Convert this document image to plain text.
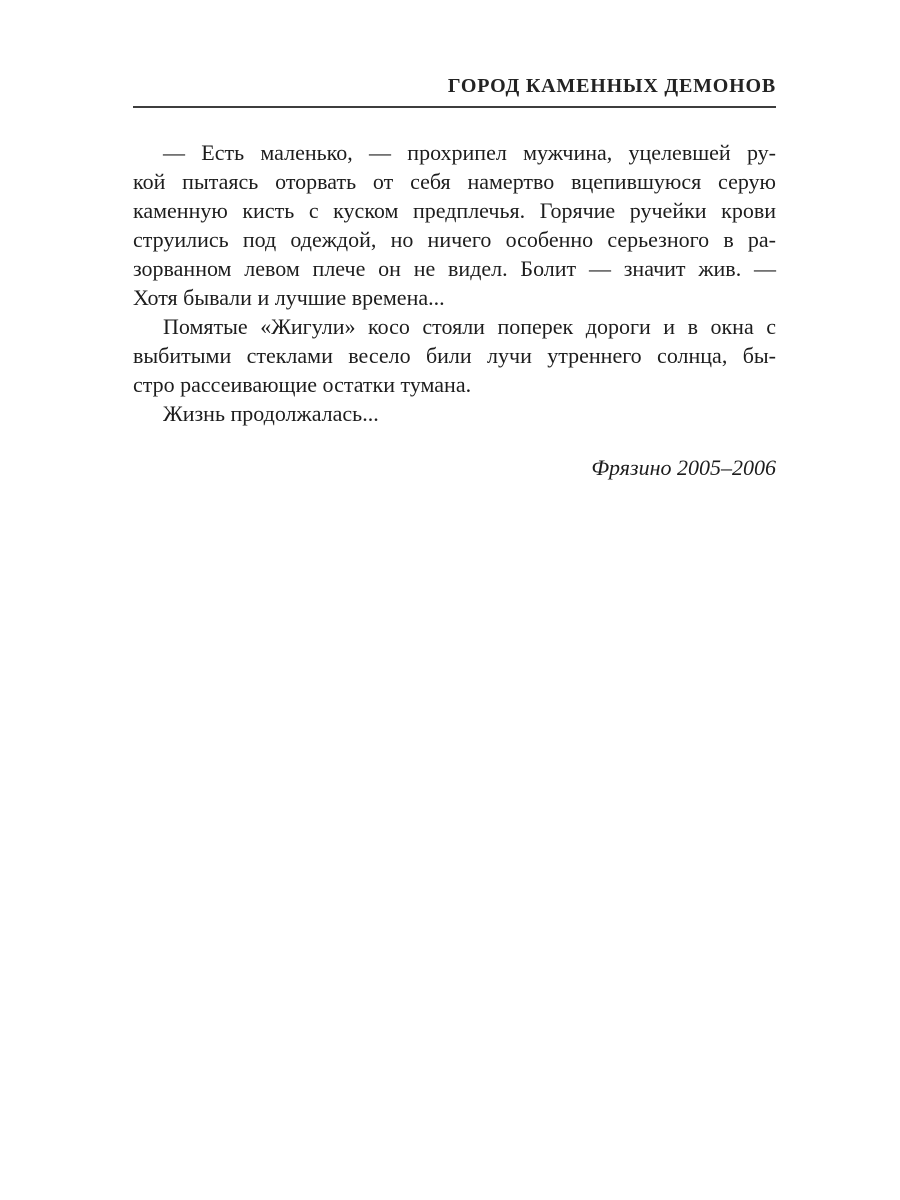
ГОРОД КАМЕННЫХ ДЕМОНОВ
— Есть маленько, — прохрипел мужчина, уцелевшей ру-
кой пытаясь оторвать от себя намертво вцепившуюся серую
каменную кисть с куском предплечья. Горячие ручейки крови
струились под одеждой, но ничего особенно серьезного в ра-
зорванном левом плече он не видел. Болит — значит жив. —
Хотя бывали и лучшие времена...
Помятые «Жигули» косо стояли поперек дороги и в окна с
выбитыми стеклами весело били лучи утреннего солнца, бы-
стро рассеивающие остатки тумана.
Жизнь продолжалась...
Фрязино 2005–2006
